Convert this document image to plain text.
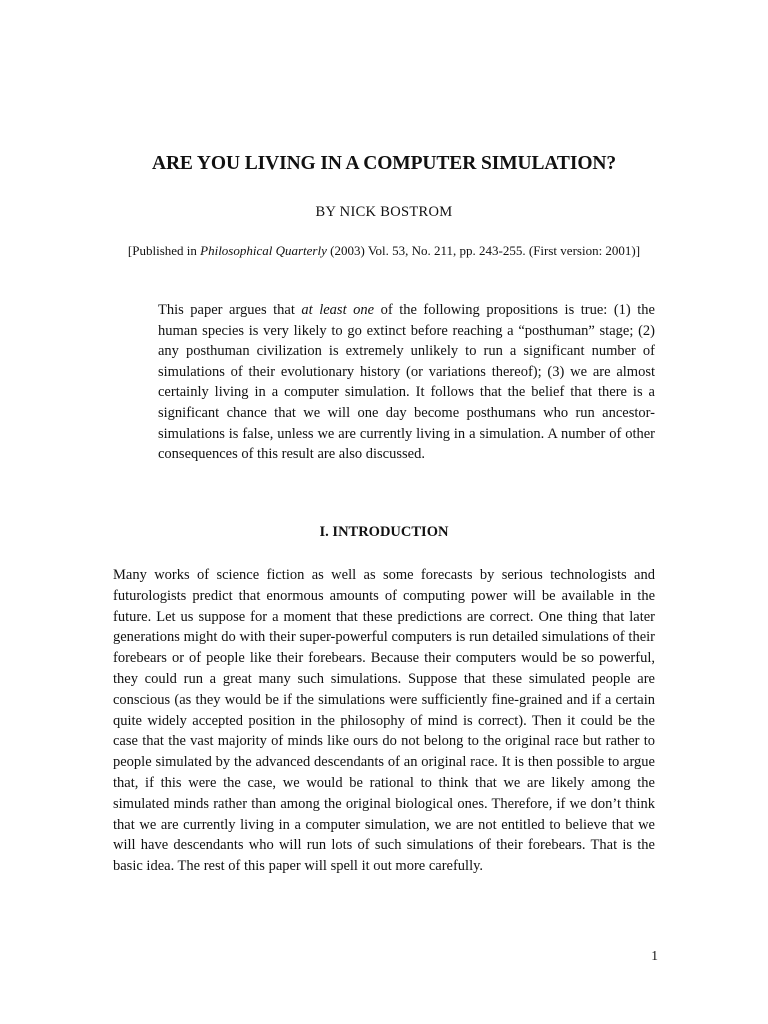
ARE YOU LIVING IN A COMPUTER SIMULATION?

BY NICK BOSTROM

[Published in Philosophical Quarterly (2003) Vol. 53, No. 211, pp. 243-255. (First version: 2001)]

This paper argues that at least one of the following propositions is true: (1) the human species is very likely to go extinct before reaching a “posthuman” stage; (2) any posthuman civilization is extremely unlikely to run a significant number of simulations of their evolutionary history (or variations thereof); (3) we are almost certainly living in a computer simulation. It follows that the belief that there is a significant chance that we will one day become posthumans who run ancestor-simulations is false, unless we are currently living in a simulation. A number of other consequences of this result are also discussed.

I. INTRODUCTION

Many works of science fiction as well as some forecasts by serious technologists and futurologists predict that enormous amounts of computing power will be available in the future. Let us suppose for a moment that these predictions are correct. One thing that later generations might do with their super-powerful computers is run detailed simulations of their forebears or of people like their forebears. Because their computers would be so powerful, they could run a great many such simulations. Suppose that these simulated people are conscious (as they would be if the simulations were sufficiently fine-grained and if a certain quite widely accepted position in the philosophy of mind is correct). Then it could be the case that the vast majority of minds like ours do not belong to the original race but rather to people simulated by the advanced descendants of an original race. It is then possible to argue that, if this were the case, we would be rational to think that we are likely among the simulated minds rather than among the original biological ones. Therefore, if we don’t think that we are currently living in a computer simulation, we are not entitled to believe that we will have descendants who will run lots of such simulations of their forebears. That is the basic idea. The rest of this paper will spell it out more carefully.

1
